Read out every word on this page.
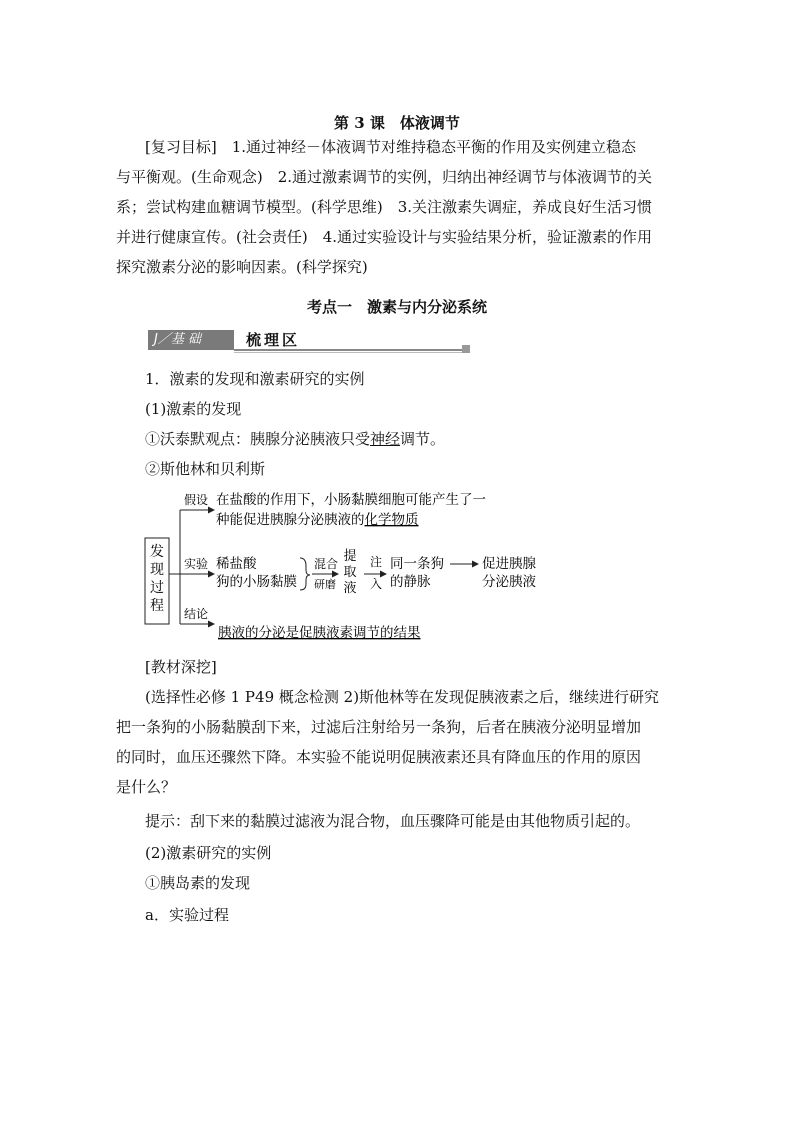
第 3 课　体液调节
[复习目标]　1.通过神经－体液调节对维持稳态平衡的作用及实例建立稳态
与平衡观。(生命观念)　2.通过激素调节的实例，归纳出神经调节与体液调节的关
系；尝试构建血糖调节模型。(科学思维)　3.关注激素失调症，养成良好生活习惯
并进行健康宣传。(社会责任)　4.通过实验设计与实验结果分析，验证激素的作用
探究激素分泌的影响因素。(科学探究)
考点一　激素与内分泌系统
J／基 础	梳理区
1．激素的发现和激素研究的实例
(1)激素的发现
①沃泰默观点：胰腺分泌胰液只受神经调节。
②斯他林和贝利斯
发
现
过
程
假设 在盐酸的作用下，小肠黏膜细胞可能产生了一
种能促进胰腺分泌胰液的化学物质
实验 稀盐酸
狗的小肠黏膜
混合
研磨
提
取
液
注
入
同一条狗
的静脉
促进胰腺
分泌胰液
结论
胰液的分泌是促胰液素调节的结果
[教材深挖]
(选择性必修 1 P49 概念检测 2)斯他林等在发现促胰液素之后，继续进行研究
把一条狗的小肠黏膜刮下来，过滤后注射给另一条狗，后者在胰液分泌明显增加
的同时，血压还骤然下降。本实验不能说明促胰液素还具有降血压的作用的原因
是什么？
提示：刮下来的黏膜过滤液为混合物，血压骤降可能是由其他物质引起的。
(2)激素研究的实例
①胰岛素的发现
a．实验过程
